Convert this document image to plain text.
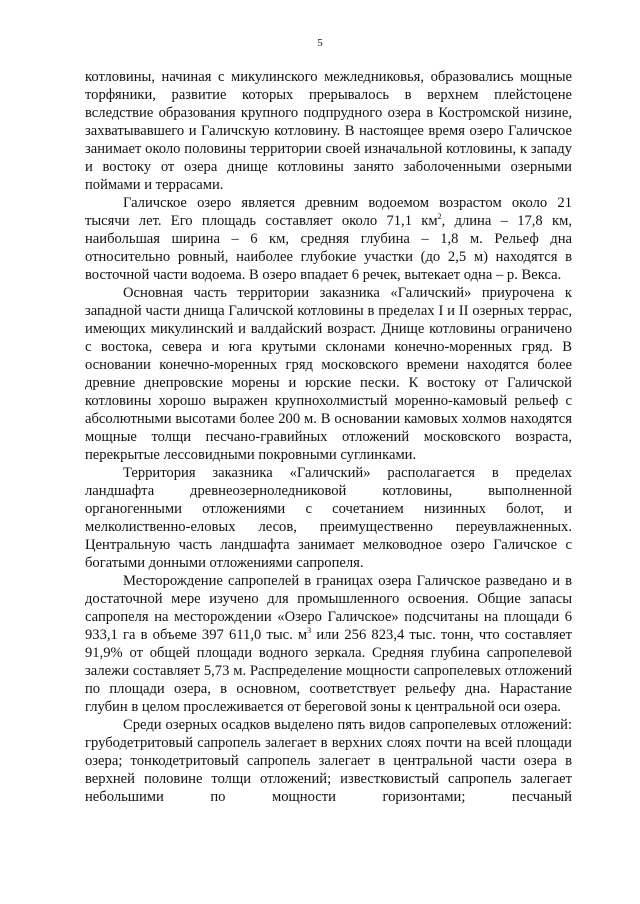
5

котловины, начиная с микулинского межледниковья, образовались мощные торфяники, развитие которых прерывалось в верхнем плейстоцене вследствие образования крупного подпрудного озера в Костромской низине, захватывавшего и Галичскую котловину. В настоящее время озеро Галичское занимает около половины территории своей изначальной котловины, к западу и востоку от озера днище котловины занято заболоченными озерными поймами и террасами.

Галичское озеро является древним водоемом возрастом около 21 тысячи лет. Его площадь составляет около 71,1 $км^2$, длина – 17,8 км, наибольшая ширина – 6 км, средняя глубина – 1,8 м. Рельеф дна относительно ровный, наиболее глубокие участки (до 2,5 м) находятся в восточной части водоема. В озеро впадает 6 речек, вытекает одна – р. Векса.

Основная часть территории заказника «Галичский» приурочена к западной части днища Галичской котловины в пределах I и II озерных террас, имеющих микулинский и валдайский возраст. Днище котловины ограничено с востока, севера и юга крутыми склонами конечно-моренных гряд. В основании конечно-моренных гряд московского времени находятся более древние днепровские морены и юрские пески. К востоку от Галичской котловины хорошо выражен крупнохолмистый моренно-камовый рельеф с абсолютными высотами более 200 м. В основании камовых холмов находятся мощные толщи песчано-гравийных отложений московского возраста, перекрытые лессовидными покровными суглинками.

Территория заказника «Галичский» располагается в пределах ландшафта древнеозерноледниковой котловины, выполненной органогенными отложениями с сочетанием низинных болот, и мелколиственно-еловых лесов, преимущественно переувлажненных. Центральную часть ландшафта занимает мелководное озеро Галичское с богатыми донными отложениями сапропеля.

Месторождение сапропелей в границах озера Галичское разведано и в достаточной мере изучено для промышленного освоения. Общие запасы сапропеля на месторождении «Озеро Галичское» подсчитаны на площади 6 933,1 га в объеме 397 611,0 тыс. $м^3$ или 256 823,4 тыс. тонн, что составляет 91,9% от общей площади водного зеркала. Средняя глубина сапропелевой залежи составляет 5,73 м. Распределение мощности сапропелевых отложений по площади озера, в основном, соответствует рельефу дна. Нарастание глубин в целом прослеживается от береговой зоны к центральной оси озера.

Среди озерных осадков выделено пять видов сапропелевых отложений: грубодетритовый сапропель залегает в верхних слоях почти на всей площади озера; тонкодетритовый сапропель залегает в центральной части озера в верхней половине толщи отложений; известковистый сапропель залегает небольшими по мощности горизонтами; песчаный
